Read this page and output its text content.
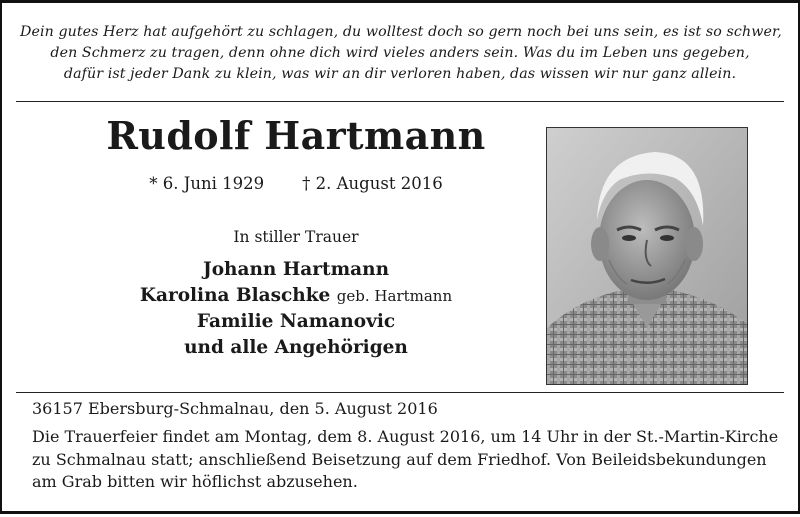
Dein gutes Herz hat aufgehört zu schlagen, du wolltest doch so gern noch bei uns sein, es ist so schwer,
den Schmerz zu tragen, denn ohne dich wird vieles anders sein. Was du im Leben uns gegeben,
dafür ist jeder Dank zu klein, was wir an dir verloren haben, das wissen wir nur ganz allein.
Rudolf Hartmann
* 6. Juni 1929 † 2. August 2016
In stiller Trauer
Johann Hartmann
Karolina Blaschke geb. Hartmann
Familie Namanovic
und alle Angehörigen
36157 Ebersburg-Schmalnau, den 5. August 2016
Die Trauerfeier findet am Montag, dem 8. August 2016, um 14 Uhr in der St.-Martin-Kirche
zu Schmalnau statt; anschließend Beisetzung auf dem Friedhof. Von Beileidsbekundungen
am Grab bitten wir höflichst abzusehen.
